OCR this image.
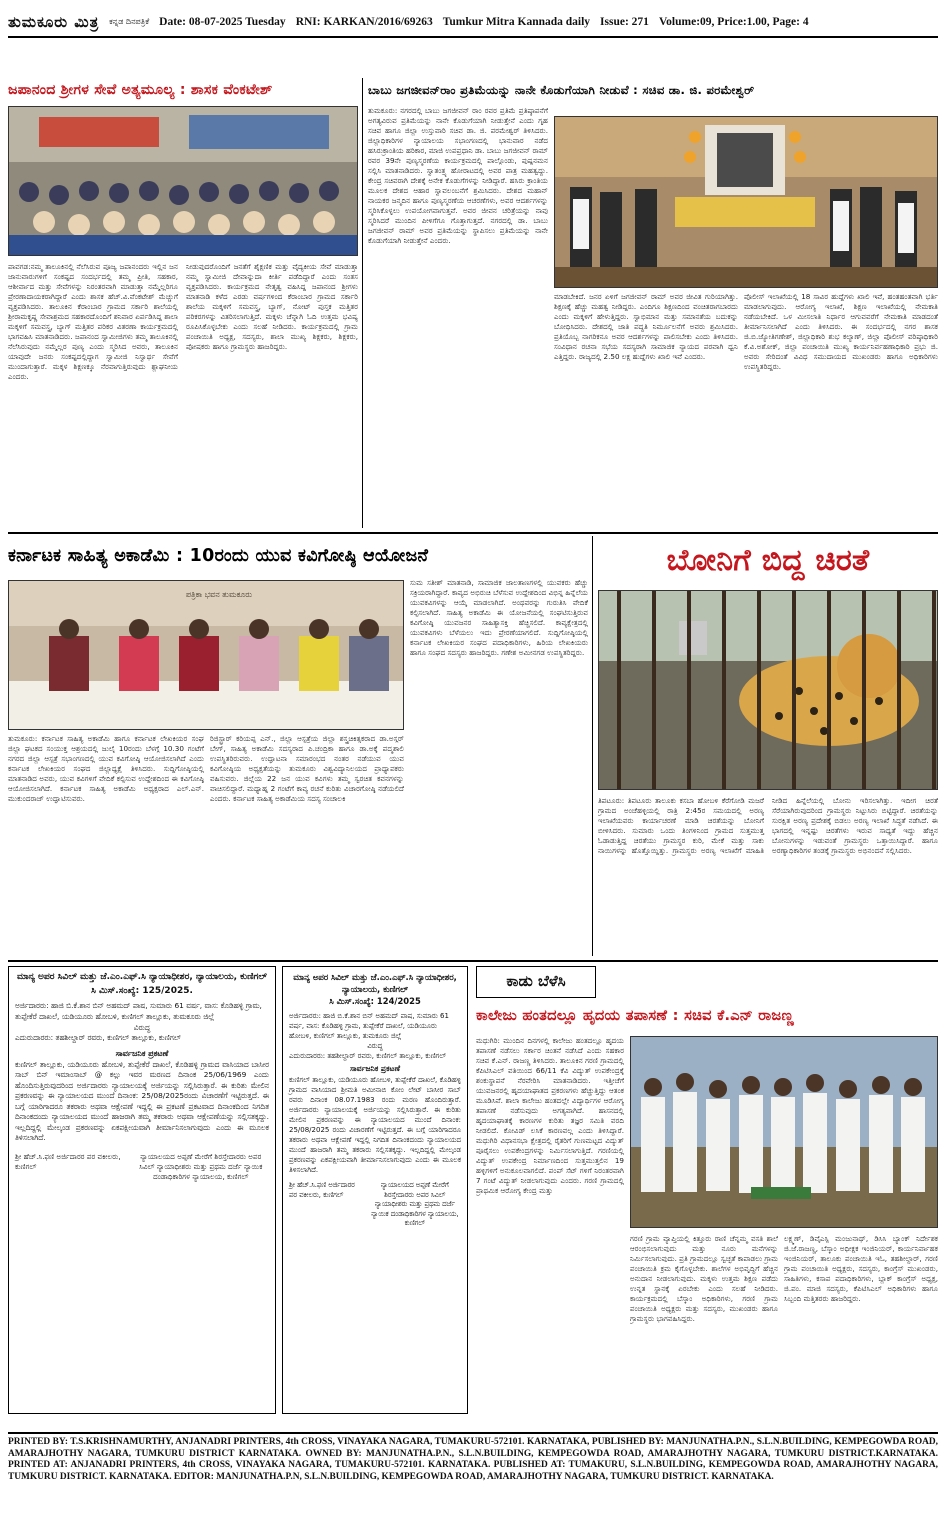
ತುಮಕೂರು ಮಿತ್ರ ಕನ್ನಡ ದಿನಪತ್ರಿಕೆ Date: 08-07-2025 Tuesday RNI: KARKAN/2016/69263 Tumkur Mitra Kannada daily Issue: 271 Volume:09, Price:1.00, Page: 4
ಜಪಾನಂದ ಶ್ರೀಗಳ ಸೇವೆ ಅತ್ಯಮೂಲ್ಯ : ಶಾಸಕ ವೆಂಕಟೇಶ್
ಪಾವಗಡ:ನಮ್ಮ ತಾಲೂಕಿನಲ್ಲಿ ನೆಲೆಸಿರುವ ಪೂಜ್ಯ ಜಪಾನಂದರು ಇಲ್ಲಿನ ಜನ ಜಾನುವಾರುಗಳಿಗೆ ಸಂಕಷ್ಟದ ಸಂದರ್ಭದಲ್ಲಿ ತಮ್ಮ ಪ್ರೀತಿ, ಸಹಕಾರ, ಆಶೀರ್ವಾದ ಮತ್ತು ಸೇವೆಗಳನ್ನು ನಿರಂತರವಾಗಿ ಮಾಡುತ್ತಾ ನಮ್ಮೆಲ್ಲರಿಗೂ ಪ್ರೇರಣಾದಾಯಕರಾಗಿದ್ದಾರೆ ಎಂದು ಶಾಸಕ ಹೆಚ್.ವಿ.ವೆಂಕಟೇಶ್ ಮೆಚ್ಚುಗೆ ವ್ಯಕ್ತಪಡಿಸಿದರು. ತಾಲೂಕಿನ ಕೆರಾಂಬಾರ ಗ್ರಾಮದ ಸರ್ಕಾರಿ ಶಾಲೆಯಲ್ಲಿ ಶ್ರೀರಾಮಕೃಷ್ಣ ಸೇವಾಶ್ರಮದ ಸಹಕಾರದೊಂದಿಗೆ ಶನಿವಾರ ಏರ್ಪಡಿಸಿದ್ದ ಶಾಲಾ ಮಕ್ಕಳಿಗೆ ಸಮವಸ್ತ್ರ, ಬ್ಯಾಗ್ ಮತ್ತಿತರ ಪರಿಕರ ವಿತರಣಾ ಕಾರ್ಯಕ್ರಮದಲ್ಲಿ ಭಾಗವಹಿಸಿ ಮಾತನಾಡಿದರು. ಜಪಾನಂದ ಸ್ವಾಮೀಜಿಗಳು ತಮ್ಮ ತಾಲೂಕಿನಲ್ಲಿ ನೆಲೆಸಿರುವುದು ನಮ್ಮೆಲ್ಲರ ಪುಣ್ಯ ಎಂದು ಸ್ಮರಿಸಿದ ಅವರು, ತಾಲೂಕಿನ ಯಾವುದೇ ಜನರು ಸಂಕಷ್ಟದಲ್ಲಿದ್ದಾಗ ಸ್ವಾಮೀಜಿ ನಿಸ್ವಾರ್ಥ ಸೇವೆಗೆ ಮುಂದಾಗುತ್ತಾರೆ. ಮಕ್ಕಳ ಶಿಕ್ಷಣಕ್ಕೂ ನೆರವಾಗುತ್ತಿರುವುದು ಶ್ಲಾಘನೀಯ ಎಂದರು.
ನೀಡುವುದರೊಂದಿಗೆ ಜನತೆಗೆ ಶೈಕ್ಷಣಿಕ ಮತ್ತು ವೈದ್ಯಕೀಯ ಸೇವೆ ಮಾಡುತ್ತಾ ನಮ್ಮ ಸ್ವಾಮೀಜಿ ದೇವಾನ್ನುದಾ ಕೀರ್ತಿ ಪಡೆದಿದ್ದಾರೆ ಎಂದು ಸಂತಸ ವ್ಯಕ್ತಪಡಿಸಿದರು. ಕಾರ್ಯಕ್ರಮದ ನೇತೃತ್ವ ವಹಿಸಿದ್ದ ಜಪಾನಂದ ಶ್ರೀಗಳು ಮಾತನಾಡಿ ಕಳೆದ ಎರಡು ವರ್ಷಗಳಿಂದ ಕೆರಾಂಬಾರ ಗ್ರಾಮದ ಸರ್ಕಾರಿ ಶಾಲೆಯ ಮಕ್ಕಳಿಗೆ ಸಮವಸ್ತ್ರ, ಬ್ಯಾಗ್, ನೋಟ್ ಪುಸ್ತಕ ಮತ್ತಿತರ ಪರಿಕರಗಳನ್ನು ವಿತರಿಸಲಾಗುತ್ತಿದೆ. ಮಕ್ಕಳು ಚೆನ್ನಾಗಿ ಓದಿ ಉತ್ತಮ ಭವಿಷ್ಯ ರೂಪಿಸಿಕೊಳ್ಳಬೇಕು ಎಂದು ಸಲಹೆ ನೀಡಿದರು. ಕಾರ್ಯಕ್ರಮದಲ್ಲಿ ಗ್ರಾಮ ಪಂಚಾಯಿತಿ ಅಧ್ಯಕ್ಷ, ಸದಸ್ಯರು, ಶಾಲಾ ಮುಖ್ಯ ಶಿಕ್ಷಕರು, ಶಿಕ್ಷಕರು, ಪೋಷಕರು ಹಾಗೂ ಗ್ರಾಮಸ್ಥರು ಹಾಜರಿದ್ದರು.
ಬಾಬು ಜಗಜೀವನ್‌ರಾಂ ಪ್ರತಿಮೆಯನ್ನು ನಾನೇ ಕೊಡುಗೆಯಾಗಿ ನೀಡುವೆ : ಸಚಿವ ಡಾ. ಜಿ. ಪರಮೇಶ್ವರ್
ತುಮಕೂರು: ನಗರದಲ್ಲಿ ಬಾಬು ಜಗಜೀವನ್ ರಾಂ ರವರ ಪ್ರತಿಮೆ ಪ್ರತಿಷ್ಠಾಪನೆಗೆ ಅಗತ್ಯವಿರುವ ಪ್ರತಿಮೆಯನ್ನು ನಾನೇ ಕೊಡುಗೆಯಾಗಿ ನೀಡುತ್ತೇನೆ ಎಂದು ಗೃಹ ಸಚಿವ ಹಾಗೂ ಜಿಲ್ಲಾ ಉಸ್ತುವಾರಿ ಸಚಿವ ಡಾ. ಜಿ. ಪರಮೇಶ್ವರ್ ತಿಳಿಸಿದರು. ಜಿಲ್ಲಾಧಿಕಾರಿಗಳ ನ್ಯಾಯಾಲಯ ಸಭಾಂಗಣದಲ್ಲಿ ಭಾನುವಾರ ನಡೆದ ಹಸಿರುಕ್ರಾಂತಿಯ ಹರಿಕಾರ, ಮಾಜಿ ಉಪಪ್ರಧಾನಿ ಡಾ. ಬಾಬು ಜಗಜೀವನ್ ರಾಮ್ ರವರ 39ನೇ ಪುಣ್ಯಸ್ಮರಣೆಯ ಕಾರ್ಯಕ್ರಮದಲ್ಲಿ ಪಾಲ್ಗೊಂಡು, ಪುಷ್ಪನಮನ ಸಲ್ಲಿಸಿ ಮಾತನಾಡಿದರು. ಸ್ವಾತಂತ್ರ್ಯ ಹೋರಾಟದಲ್ಲಿ ಅವರ ಪಾತ್ರ ಮಹತ್ವದ್ದು. ಕೇಂದ್ರ ಸಚಿವರಾಗಿ ದೇಶಕ್ಕೆ ಅನೇಕ ಕೊಡುಗೆಗಳನ್ನು ನೀಡಿದ್ದಾರೆ. ಹಸಿರು ಕ್ರಾಂತಿಯ ಮೂಲಕ ದೇಶದ ಆಹಾರ ಸ್ವಾವಲಂಬನೆಗೆ ಶ್ರಮಿಸಿದರು. ದೇಶದ ಮಹಾನ್ ನಾಯಕರ ಜನ್ಮದಿನ ಹಾಗೂ ಪುಣ್ಯಸ್ಮರಣೆಯ ಆಚರಣೆಗಳು, ಅವರ ಆದರ್ಶಗಳನ್ನು ಸ್ಮರಿಸಿಕೊಳ್ಳಲು ಉಪಯೋಗವಾಗುತ್ತವೆ. ಅವರ ಜೀವನ ಚರಿತ್ರೆಯನ್ನು ನಾವು ಸ್ಮರಿಸಿದರೆ ಮುಂದಿನ ಪೀಳಿಗೆಗೂ ಗೊತ್ತಾಗುತ್ತದೆ. ನಗರದಲ್ಲಿ ಡಾ. ಬಾಬು ಜಗಜೀವನ್ ರಾಮ್ ಅವರ ಪ್ರತಿಮೆಯನ್ನು ಸ್ಥಾಪಿಸಲು ಪ್ರತಿಮೆಯನ್ನು ನಾನೇ ಕೊಡುಗೆಯಾಗಿ ನೀಡುತ್ತೇನೆ ಎಂದರು.
ಮಾಡಬೇಕಿದೆ. ಜನರ ಏಳಿಗೆ ಜಗಜೀವನ್ ರಾಮ್ ಅವರ ಜೀವಿತ ಗುರಿಯಾಗಿತ್ತು. ಶಿಕ್ಷಣಕ್ಕೆ ಹೆಚ್ಚು ಮಹತ್ವ ನೀಡಿದ್ದರು. ಎಂದಿಗೂ ಶಿಕ್ಷಣದಿಂದ ವಂಚಿತರಾಗಬಾರದು ಎಂದು ಮಕ್ಕಳಿಗೆ ಹೇಳುತ್ತಿದ್ದರು. ಸ್ವಾಭಿಮಾನ ಮತ್ತು ಸಮಾನತೆಯ ಬದುಕನ್ನು ಬೋಧಿಸಿದರು. ದೇಶದಲ್ಲಿ ಜಾತಿ ಪದ್ಧತಿ ನಿರ್ಮೂಲನೆಗೆ ಅವರು ಶ್ರಮಿಸಿದರು. ಪ್ರತಿಯೊಬ್ಬ ನಾಗರಿಕನೂ ಅವರ ಆದರ್ಶಗಳನ್ನು ಪಾಲಿಸಬೇಕು ಎಂದು ತಿಳಿಸಿದರು. ಸಂವಿಧಾನ ರಚನಾ ಸಭೆಯ ಸದಸ್ಯರಾಗಿ ಸಾಮಾಜಿಕ ನ್ಯಾಯದ ಪರವಾಗಿ ಧ್ವನಿ ಎತ್ತಿದ್ದರು. ರಾಜ್ಯದಲ್ಲಿ 2.50 ಲಕ್ಷ ಹುದ್ದೆಗಳು ಖಾಲಿ ಇವೆ ಎಂದರು.
ಪೊಲೀಸ್ ಇಲಾಖೆಯಲ್ಲಿ 18 ಸಾವಿರ ಹುದ್ದೆಗಳು ಖಾಲಿ ಇವೆ, ಹಂತಹಂತವಾಗಿ ಭರ್ತಿ ಮಾಡಲಾಗುವುದು. ಆರೋಗ್ಯ ಇಲಾಖೆ, ಶಿಕ್ಷಣ ಇಲಾಖೆಯಲ್ಲಿ ನೇಮಕಾತಿ ನಡೆಯಬೇಕಿದೆ. ಒಳ ಮೀಸಲಾತಿ ನಿರ್ಧಾರ ಆಗುವವರೆಗೆ ನೇಮಕಾತಿ ಮಾಡದಂತೆ ತೀರ್ಮಾನಿಸಲಾಗಿದೆ ಎಂದು ತಿಳಿಸಿದರು. ಈ ಸಂದರ್ಭದಲ್ಲಿ ನಗರ ಶಾಸಕ ಜಿ.ಬಿ.ಜ್ಯೋತಿಗಣೇಶ್, ಜಿಲ್ಲಾಧಿಕಾರಿ ಶುಭ ಕಲ್ಯಾಣ್, ಜಿಲ್ಲಾ ಪೊಲೀಸ್ ವರಿಷ್ಠಾಧಿಕಾರಿ ಕೆ.ವಿ.ಅಶೋಕ್, ಜಿಲ್ಲಾ ಪಂಚಾಯಿತಿ ಮುಖ್ಯ ಕಾರ್ಯನಿರ್ವಹಣಾಧಿಕಾರಿ ಪ್ರಭು ಜಿ. ಅವರು ಸೇರಿದಂತೆ ವಿವಿಧ ಸಮುದಾಯದ ಮುಖಂಡರು ಹಾಗೂ ಅಧಿಕಾರಿಗಳು ಉಪಸ್ಥಿತರಿದ್ದರು.
ಕರ್ನಾಟಕ ಸಾಹಿತ್ಯ ಅಕಾಡೆಮಿ : 10ರಂದು ಯುವ ಕವಿಗೋಷ್ಠಿ ಆಯೋಜನೆ
ಪತ್ರಿಕಾ ಭವನ ತುಮಕೂರು
ತುಮಕೂರು: ಕರ್ನಾಟಕ ಸಾಹಿತ್ಯ ಅಕಾಡೆಮಿ ಹಾಗೂ ಕರ್ನಾಟಕ ಲೇಖಕಿಯರ ಸಂಘ ಜಿಲ್ಲಾ ಘಟಕದ ಸಂಯುಕ್ತ ಆಶ್ರಯದಲ್ಲಿ ಜುಲೈ 10ರಂದು ಬೆಳಗ್ಗೆ 10.30 ಗಂಟೆಗೆ ನಗರದ ಜಿಲ್ಲಾ ಆಸ್ಪತ್ರೆ ಸಭಾಂಗಣದಲ್ಲಿ ಯುವ ಕವಿಗೋಷ್ಠಿ ಆಯೋಜಿಸಲಾಗಿದೆ ಎಂದು ಕರ್ನಾಟಕ ಲೇಖಕಿಯರ ಸಂಘದ ಜಿಲ್ಲಾಧ್ಯಕ್ಷೆ ತಿಳಿಸಿದರು. ಸುದ್ದಿಗೋಷ್ಠಿಯಲ್ಲಿ ಮಾತನಾಡಿದ ಅವರು, ಯುವ ಕವಿಗಳಿಗೆ ವೇದಿಕೆ ಕಲ್ಪಿಸುವ ಉದ್ದೇಶದಿಂದ ಈ ಕವಿಗೋಷ್ಠಿ ಆಯೋಜಿಸಲಾಗಿದೆ. ಕರ್ನಾಟಕ ಸಾಹಿತ್ಯ ಅಕಾಡೆಮಿ ಅಧ್ಯಕ್ಷರಾದ ಎಲ್.ಎನ್. ಮುಕುಂದರಾಜ್ ಉದ್ಘಾಟಿಸುವರು.
ರಿಜಿಸ್ಟ್ರಾರ್ ಕರಿಯಪ್ಪ ಎನ್., ಜಿಲ್ಲಾ ಆಸ್ಪತ್ರೆಯ ಜಿಲ್ಲಾ ಶಸ್ತ್ರಚಿಕಿತ್ಸಕರಾದ ಡಾ.ಅಸ್ಗರ್ ಬೇಗ್, ಸಾಹಿತ್ಯ ಅಕಾಡೆಮಿ ಸದಸ್ಯರಾದ ಪಿ.ಚಂದ್ರಿಕಾ ಹಾಗೂ ಡಾ.ಅಕ್ಕೆ ಪದ್ಮಶಾಲಿ ಉಪಸ್ಥಿತರಿರುವರು. ಉದ್ಘಾಟನಾ ಸಮಾರಂಭದ ನಂತರ ನಡೆಯುವ ಯುವ ಕವಿಗೋಷ್ಠಿಯ ಅಧ್ಯಕ್ಷತೆಯನ್ನು ತುಮಕೂರು ವಿಶ್ವವಿದ್ಯಾನಿಲಯದ ಪ್ರಾಧ್ಯಾಪಕರು ವಹಿಸುವರು. ಜಿಲ್ಲೆಯ 22 ಜನ ಯುವ ಕವಿಗಳು ತಮ್ಮ ಸ್ವರಚಿತ ಕವನಗಳನ್ನು ವಾಚಿಸಲಿದ್ದಾರೆ. ಮಧ್ಯಾಹ್ನ 2 ಗಂಟೆಗೆ ಕಾವ್ಯ ರಚನೆ ಕುರಿತು ವಿಚಾರಗೋಷ್ಠಿ ನಡೆಯಲಿದೆ ಎಂದರು. ಕರ್ನಾಟಕ ಸಾಹಿತ್ಯ ಅಕಾಡೆಮಿಯ ಸದಸ್ಯ ಸಂಚಾಲಕಿ
ಸುಮ ಸತೀಶ್ ಮಾತನಾಡಿ, ಸಾಮಾಜಿಕ ಜಾಲತಾಣಗಳಲ್ಲಿ ಯುವಕರು ಹೆಚ್ಚು ಸಕ್ರಿಯರಾಗಿದ್ದಾರೆ. ಕಾವ್ಯದ ಅಭಿರುಚಿ ಬೆಳೆಸುವ ಉದ್ದೇಶದಿಂದ ವಿಭಿನ್ನ ಹಿನ್ನೆಲೆಯ ಯುವಕವಿಗಳನ್ನು ಆಯ್ಕೆ ಮಾಡಲಾಗಿದೆ. ಅಂಥವರನ್ನು ಗುರುತಿಸಿ ವೇದಿಕೆ ಕಲ್ಪಿಸಲಾಗಿದೆ. ಸಾಹಿತ್ಯ ಅಕಾಡೆಮಿ ಈ ಯೋಜನೆಯಲ್ಲಿ ಸಂಘಟಿಸುತ್ತಿರುವ ಕವಿಗೋಷ್ಠಿ ಯುವಜನರ ಸಾಹಿತ್ಯಾಸಕ್ತಿ ಹೆಚ್ಚಿಸಲಿದೆ. ಕಾವ್ಯಕ್ಷೇತ್ರದಲ್ಲಿ ಯುವಕವಿಗಳು ಬೆಳೆಯಲು ಇದು ಪ್ರೇರಣೆಯಾಗಲಿದೆ. ಸುದ್ದಿಗೋಷ್ಠಿಯಲ್ಲಿ ಕರ್ನಾಟಕ ಲೇಖಕಿಯರ ಸಂಘದ ಪದಾಧಿಕಾರಿಗಳು, ಹಿರಿಯ ಲೇಖಕಿಯರು ಹಾಗೂ ಸಂಘದ ಸದಸ್ಯರು ಹಾಜರಿದ್ದರು. ಗಣೇಶ ಅಮೀನಗಡ ಉಪಸ್ಥಿತರಿದ್ದರು.
ಬೋನಿಗೆ ಬಿದ್ದ ಚಿರತೆ
ತಿಪಟೂರು: ತಿಪಟೂರು ತಾಲೂಕು ಕಸಬಾ ಹೋಬಳಿ ಕೆರೆಗೋಡಿ ಮಜರೆ ಗ್ರಾಮದ ಅಂಚೆಹಳ್ಳಿಯಲ್ಲಿ ರಾತ್ರಿ 2:45ರ ಸಮಯದಲ್ಲಿ ಅರಣ್ಯ ಇಲಾಖೆಯವರು ಕಾರ್ಯಾಚರಣೆ ಮಾಡಿ ಚಿರತೆಯನ್ನು ಬೋನಿಗೆ ಬೀಳಿಸಿದರು. ಸುಮಾರು ಒಂದು ತಿಂಗಳಿನಿಂದ ಗ್ರಾಮದ ಸುತ್ತಮುತ್ತ ಓಡಾಡುತ್ತಿದ್ದ ಚಿರತೆಯು ಗ್ರಾಮಸ್ಥರ ಕುರಿ, ಮೇಕೆ ಮತ್ತು ಸಾಕು ನಾಯಿಗಳನ್ನು ಹೊತ್ತೊಯ್ದಿತ್ತು. ಗ್ರಾಮಸ್ಥರು ಅರಣ್ಯ ಇಲಾಖೆಗೆ ಮಾಹಿತಿ ನೀಡಿದ ಹಿನ್ನೆಲೆಯಲ್ಲಿ ಬೋನು ಇರಿಸಲಾಗಿತ್ತು. ಇದೀಗ ಚಿರತೆ ಸೆರೆಯಾಗಿರುವುದರಿಂದ ಗ್ರಾಮಸ್ಥರು ನಿಟ್ಟುಸಿರು ಬಿಟ್ಟಿದ್ದಾರೆ. ಚಿರತೆಯನ್ನು ಸುರಕ್ಷಿತ ಅರಣ್ಯ ಪ್ರದೇಶಕ್ಕೆ ಬಿಡಲು ಅರಣ್ಯ ಇಲಾಖೆ ಸಿದ್ಧತೆ ನಡೆಸಿದೆ. ಈ ಭಾಗದಲ್ಲಿ ಇನ್ನಷ್ಟು ಚಿರತೆಗಳು ಇರುವ ಸಾಧ್ಯತೆ ಇದ್ದು ಹೆಚ್ಚಿನ ಬೋನುಗಳನ್ನು ಇಡುವಂತೆ ಗ್ರಾಮಸ್ಥರು ಒತ್ತಾಯಿಸಿದ್ದಾರೆ. ಹಾಗೂ ಅರಣ್ಯಾಧಿಕಾರಿಗಳ ತಂಡಕ್ಕೆ ಗ್ರಾಮಸ್ಥರು ಅಭಿನಂದನೆ ಸಲ್ಲಿಸಿದರು.
ಮಾನ್ಯ ಅಪರ ಸಿವಿಲ್ ಮತ್ತು ಜೆ.ಎಂ.ಎಫ್.ಸಿ ನ್ಯಾಯಾಧೀಶರ, ನ್ಯಾಯಾಲಯ, ಕುಣಿಗಲ್
ಸಿ ಮಿಸ್.ಸಂಖ್ಯೆ: 125/2025.
ಅರ್ಜಿದಾರರು: ಹಾಜಿ ಬಿ.ಕೆ.ಶಾನ ಬಿನ್ ಅಹಮದ್ ಪಾಷ, ಸುಮಾರು 61 ವರ್ಷ, ವಾಸ: ಕೊಡಿಹಳ್ಳಿ ಗ್ರಾಮ, ತುಪ್ಪೇಕೆರೆ ದಾಖಲೆ, ಯಡಿಯೂರು ಹೋಬಳಿ, ಕುಣಿಗಲ್ ತಾಲ್ಲೂಕು, ತುಮಕೂರು ಜಿಲ್ಲೆ
ವಿರುದ್ಧ
ಎದುರುದಾರರು: ತಹಶೀಲ್ದಾರ್ ರವರು, ಕುಣಿಗಲ್ ತಾಲ್ಲೂಕು, ಕುಣಿಗಲ್
ಸಾರ್ವಜನಿಕ ಪ್ರಕಟಣೆ
ಕುಣಿಗಲ್ ತಾಲ್ಲೂಕು, ಯಡಿಯೂರು ಹೋಬಳಿ, ತುಪ್ಪೇಕೆರೆ ದಾಖಲೆ, ಕೊಡಿಹಳ್ಳಿ ಗ್ರಾಮದ ವಾಸಿಯಾದ ಬಾಸೀರ ಸಾಬ್ ಬಿನ್ ಇಮಾಂಸಾಬ್ @ ಕಲ್ಲು ಇವರ ಮರಣದ ದಿನಾಂಕ 25/06/1969 ಎಂದು ಹೊಂದಿಸುತ್ತಿರುವುದರಿಂದ ಅರ್ಜಿದಾರರು ನ್ಯಾಯಾಲಯಕ್ಕೆ ಅರ್ಜಿಯನ್ನು ಸಲ್ಲಿಸಿರುತ್ತಾರೆ. ಈ ಕುರಿತು ಮೇಲಿನ ಪ್ರಕರಣವನ್ನು ಈ ನ್ಯಾಯಾಲಯದ ಮುಂದೆ ದಿನಾಂಕ: 25/08/2025ರಂದು ವಿಚಾರಣೆಗೆ ಇಟ್ಟಿರುತ್ತದೆ. ಈ ಬಗ್ಗೆ ಯಾರಿಗಾದರೂ ತಕರಾರು ಅಥವಾ ಆಕ್ಷೇಪಣೆ ಇದ್ದಲ್ಲಿ ಈ ಪ್ರಕಟಣೆ ಪ್ರಕಟವಾದ ದಿನಾಂಕದಿಂದ ನಿಗದಿತ ದಿನಾಂಕದಂದು ನ್ಯಾಯಾಲಯದ ಮುಂದೆ ಹಾಜರಾಗಿ ತಮ್ಮ ತಕರಾರು ಅಥವಾ ಆಕ್ಷೇಪಣೆಯನ್ನು ಸಲ್ಲಿಸತಕ್ಕದ್ದು. ಇಲ್ಲದಿದ್ದಲ್ಲಿ ಮೇಲ್ಕಂಡ ಪ್ರಕರಣವನ್ನು ಏಕಪಕ್ಷೀಯವಾಗಿ ತೀರ್ಮಾನಿಸಲಾಗುವುದು ಎಂದು ಈ ಮೂಲಕ ತಿಳಿಸಲಾಗಿದೆ.
ಶ್ರೀ ಹೆಚ್.ಸಿ.ಫಣಿ ಅರ್ಜಿದಾರರ ಪರ ವಕೀಲರು, ಕುಣಿಗಲ್
ನ್ಯಾಯಾಲಯದ ಅಪ್ಪಣೆ ಮೇರೆಗೆ ಶಿರಸ್ತೇದಾರರು ಅಪರ ಸಿವಿಲ್ ನ್ಯಾಯಾಧೀಶರು ಮತ್ತು ಪ್ರಥಮ ದರ್ಜೆ ನ್ಯಾಯಿಕ ದಂಡಾಧಿಕಾರಿಗಳ ನ್ಯಾಯಾಲಯ, ಕುಣಿಗಲ್
ಮಾನ್ಯ ಅಪರ ಸಿವಿಲ್ ಮತ್ತು ಜೆ.ಎಂ.ಎಫ್.ಸಿ ನ್ಯಾಯಾಧೀಶರ, ನ್ಯಾಯಾಲಯ, ಕುಣಿಗಲ್
ಸಿ ಮಿಸ್.ಸಂಖ್ಯೆ: 124/2025
ಅರ್ಜಿದಾರರು: ಹಾಜಿ ಬಿ.ಕೆ.ಶಾನ ಬಿನ್ ಅಹಮದ್ ಪಾಷ, ಸುಮಾರು 61 ವರ್ಷ, ವಾಸ: ಕೊಡಿಹಳ್ಳಿ ಗ್ರಾಮ, ತುಪ್ಪೇಕೆರೆ ದಾಖಲೆ, ಯಡಿಯೂರು ಹೋಬಳಿ, ಕುಣಿಗಲ್ ತಾಲ್ಲೂಕು, ತುಮಕೂರು ಜಿಲ್ಲೆ
ವಿರುದ್ಧ
ಎದುರುದಾರರು: ತಹಶೀಲ್ದಾರ್ ರವರು, ಕುಣಿಗಲ್ ತಾಲ್ಲೂಕು, ಕುಣಿಗಲ್
ಸಾರ್ವಜನಿಕ ಪ್ರಕಟಣೆ
ಕುಣಿಗಲ್ ತಾಲ್ಲೂಕು, ಯಡಿಯೂರು ಹೋಬಳಿ, ತುಪ್ಪೇಕೆರೆ ದಾಖಲೆ, ಕೊಡಿಹಳ್ಳಿ ಗ್ರಾಮದ ವಾಸಿಯಾದ ಶ್ರೀಮತಿ ಅಮೀನಾಬಿ ಕೋಂ ಲೇಟ್ ಬಾಸೀರ ಸಾಬ್ ರವರು ದಿನಾಂಕ 08.07.1983 ರಂದು ಮರಣ ಹೊಂದಿರುತ್ತಾರೆ. ಅರ್ಜಿದಾರರು ನ್ಯಾಯಾಲಯಕ್ಕೆ ಅರ್ಜಿಯನ್ನು ಸಲ್ಲಿಸಿರುತ್ತಾರೆ. ಈ ಕುರಿತು ಮೇಲಿನ ಪ್ರಕರಣವನ್ನು ಈ ನ್ಯಾಯಾಲಯದ ಮುಂದೆ ದಿನಾಂಕ: 25/08/2025 ರಂದು ವಿಚಾರಣೆಗೆ ಇಟ್ಟಿರುತ್ತದೆ. ಈ ಬಗ್ಗೆ ಯಾರಿಗಾದರೂ ತಕರಾರು ಅಥವಾ ಆಕ್ಷೇಪಣೆ ಇದ್ದಲ್ಲಿ ನಿಗದಿತ ದಿನಾಂಕದಂದು ನ್ಯಾಯಾಲಯದ ಮುಂದೆ ಹಾಜರಾಗಿ ತಮ್ಮ ತಕರಾರು ಸಲ್ಲಿಸತಕ್ಕದ್ದು. ಇಲ್ಲದಿದ್ದಲ್ಲಿ ಮೇಲ್ಕಂಡ ಪ್ರಕರಣವನ್ನು ಏಕಪಕ್ಷೀಯವಾಗಿ ತೀರ್ಮಾನಿಸಲಾಗುವುದು ಎಂದು ಈ ಮೂಲಕ ತಿಳಿಸಲಾಗಿದೆ.
ಶ್ರೀ ಹೆಚ್.ಸಿ.ಫಣಿ ಅರ್ಜಿದಾರರ ಪರ ವಕೀಲರು, ಕುಣಿಗಲ್
ನ್ಯಾಯಾಲಯದ ಅಪ್ಪಣೆ ಮೇರೆಗೆ ಶಿರಸ್ತೇದಾರರು ಅಪರ ಸಿವಿಲ್ ನ್ಯಾಯಾಧೀಶರು ಮತ್ತು ಪ್ರಥಮ ದರ್ಜೆ ನ್ಯಾಯಿಕ ದಂಡಾಧಿಕಾರಿಗಳ ನ್ಯಾಯಾಲಯ, ಕುಣಿಗಲ್
ಕಾಡು ಬೆಳೆಸಿ
ಕಾಲೇಜು ಹಂತದಲ್ಲೂ ಹೃದಯ ತಪಾಸಣೆ : ಸಚಿವ ಕೆ.ಎನ್ ರಾಜಣ್ಣ
ಮಧುಗಿರಿ: ಮುಂದಿನ ದಿನಗಳಲ್ಲಿ ಕಾಲೇಜು ಹಂತದಲ್ಲೂ ಹೃದಯ ತಪಾಸಣೆ ನಡೆಸಲು ಸರ್ಕಾರ ಚಿಂತನೆ ನಡೆಸಿದೆ ಎಂದು ಸಹಕಾರ ಸಚಿವ ಕೆ.ಎನ್. ರಾಜಣ್ಣ ತಿಳಿಸಿದರು. ತಾಲೂಕಿನ ಗರಣಿ ಗ್ರಾಮದಲ್ಲಿ ಕೆಪಿಟಿಸಿಎಲ್ ವತಿಯಿಂದ 66/11 ಕೆವಿ ವಿದ್ಯುತ್ ಉಪಕೇಂದ್ರಕ್ಕೆ ಶಂಕುಸ್ಥಾಪನೆ ನೆರವೇರಿಸಿ ಮಾತನಾಡಿದರು. ಇತ್ತೀಚೆಗೆ ಯುವಜನರಲ್ಲಿ ಹೃದಯಾಘಾತದ ಪ್ರಕರಣಗಳು ಹೆಚ್ಚುತ್ತಿದ್ದು ಆತಂಕ ಮೂಡಿಸಿವೆ. ಶಾಲಾ ಕಾಲೇಜು ಹಂತದಲ್ಲೇ ವಿದ್ಯಾರ್ಥಿಗಳ ಆರೋಗ್ಯ ತಪಾಸಣೆ ನಡೆಸುವುದು ಅಗತ್ಯವಾಗಿದೆ. ಹಾಸನದಲ್ಲಿ ಹೃದಯಾಘಾತಕ್ಕೆ ಕಾರಣಗಳ ಕುರಿತು ತಜ್ಞರ ಸಮಿತಿ ವರದಿ ನೀಡಲಿದೆ. ಕೋವಿಡ್ ಲಸಿಕೆ ಕಾರಣವಲ್ಲ ಎಂದು ತಿಳಿಸಿದ್ದಾರೆ. ಮಧುಗಿರಿ ವಿಧಾನಸಭಾ ಕ್ಷೇತ್ರದಲ್ಲಿ ರೈತರಿಗೆ ಗುಣಮಟ್ಟದ ವಿದ್ಯುತ್ ಪೂರೈಸಲು ಉಪಕೇಂದ್ರಗಳನ್ನು ನಿರ್ಮಿಸಲಾಗುತ್ತಿದೆ. ಗರಣಿಯಲ್ಲಿ ವಿದ್ಯುತ್ ಉಪಕೇಂದ್ರ ನಿರ್ಮಾಣದಿಂದ ಸುತ್ತಮುತ್ತಲಿನ 19 ಹಳ್ಳಿಗಳಿಗೆ ಅನುಕೂಲವಾಗಲಿದೆ. ಪಂಪ್ ಸೆಟ್ ಗಳಿಗೆ ನಿರಂತರವಾಗಿ 7 ಗಂಟೆ ವಿದ್ಯುತ್ ನೀಡಲಾಗುವುದು ಎಂದರು. ಗರಣಿ ಗ್ರಾಮದಲ್ಲಿ ಪ್ರಾಥಮಿಕ ಆರೋಗ್ಯ ಕೇಂದ್ರ ಮತ್ತು
ಗರಣಿ ಗ್ರಾಮ ವ್ಯಾಪ್ತಿಯಲ್ಲಿ ಕಿತ್ತೂರು ರಾಣಿ ಚೆನ್ನಮ್ಮ ವಸತಿ ಶಾಲೆ ಆರಂಭಿಸಲಾಗುವುದು ಮತ್ತು ನೂರು ಮನೆಗಳನ್ನು ನಿರ್ಮಿಸಲಾಗುವುದು. ಪ್ರತಿ ಗ್ರಾಮದಲ್ಲೂ ಸ್ವಚ್ಛತೆ ಕಾಪಾಡಲು ಗ್ರಾಮ ಪಂಚಾಯಿತಿ ಕ್ರಮ ಕೈಗೊಳ್ಳಬೇಕು. ಶಾಲೆಗಳ ಅಭಿವೃದ್ಧಿಗೆ ಹೆಚ್ಚಿನ ಅನುದಾನ ನೀಡಲಾಗುವುದು. ಮಕ್ಕಳು ಉತ್ತಮ ಶಿಕ್ಷಣ ಪಡೆದು ಉನ್ನತ ಸ್ಥಾನಕ್ಕೆ ಏರಬೇಕು ಎಂದು ಸಲಹೆ ನೀಡಿದರು. ಕಾರ್ಯಕ್ರಮದಲ್ಲಿ ಬೆಸ್ಕಾಂ ಅಧಿಕಾರಿಗಳು, ಗರಣಿ ಗ್ರಾಮ ಪಂಚಾಯಿತಿ ಅಧ್ಯಕ್ಷರು ಮತ್ತು ಸದಸ್ಯರು, ಮುಖಂಡರು ಹಾಗೂ ಗ್ರಾಮಸ್ಥರು ಭಾಗವಹಿಸಿದ್ದರು.
ಲಕ್ಷ್ಮಣ್, ಡಿವೈಎಸ್ಪಿ ಮಂಜುನಾಥ್, ಡಿಸಿಸಿ ಬ್ಯಾಂಕ್ ನಿರ್ದೇಶಕ ಜಿ.ಜೆ.ರಾಜಣ್ಣ, ಬೆಸ್ಕಾಂ ಅಧೀಕ್ಷಕ ಇಂಜಿನಿಯರ್, ಕಾರ್ಯನಿರ್ವಾಹಕ ಇಂಜಿನಿಯರ್, ತಾಲೂಕು ಪಂಚಾಯಿತಿ ಇಓ, ತಹಶೀಲ್ದಾರ್, ಗರಣಿ ಗ್ರಾಮ ಪಂಚಾಯಿತಿ ಅಧ್ಯಕ್ಷರು, ಸದಸ್ಯರು, ಕಾಂಗ್ರೆಸ್ ಮುಖಂಡರು, ಸಾಹಿತಿಗಳು, ಕಸಾಪ ಪದಾಧಿಕಾರಿಗಳು, ಬ್ಲಾಕ್ ಕಾಂಗ್ರೆಸ್ ಅಧ್ಯಕ್ಷ, ಜಿ.ಪಂ. ಮಾಜಿ ಸದಸ್ಯರು, ಕೆಪಿಟಿಸಿಎಲ್ ಅಧಿಕಾರಿಗಳು ಹಾಗೂ ಸಿಬ್ಬಂದಿ ಮತ್ತಿತರರು ಹಾಜರಿದ್ದರು.
PRINTED BY: T.S.KRISHNAMURTHY, ANJANADRI PRINTERS, 4th CROSS, VINAYAKA NAGARA, TUMAKURU-572101. KARNATAKA, PUBLISHED BY: MANJUNATHA.P.N., S.L.N.BUILDING, KEMPEGOWDA ROAD, AMARAJHOTHY NAGARA, TUMKURU DISTRICT KARNATAKA. OWNED BY: MANJUNATHA.P.N., S.L.N.BUILDING, KEMPEGOWDA ROAD, AMARAJHOTHY NAGARA, TUMKURU DISTRICT.KARNATAKA. PRINTED AT: ANJANADRI PRINTERS, 4th CROSS, VINAYAKA NAGARA, TUMAKURU-572101. KARNATAKA. PUBLISHED AT: TUMAKURU, S.L.N.BUILDING, KEMPEGOWDA ROAD, AMARAJHOTHY NAGARA, TUMKURU DISTRICT. KARNATAKA. EDITOR: MANJUNATHA.P.N, S.L.N.BUILDING, KEMPEGOWDA ROAD, AMARAJHOTHY NAGARA, TUMKURU DISTRICT. KARNATAKA.
